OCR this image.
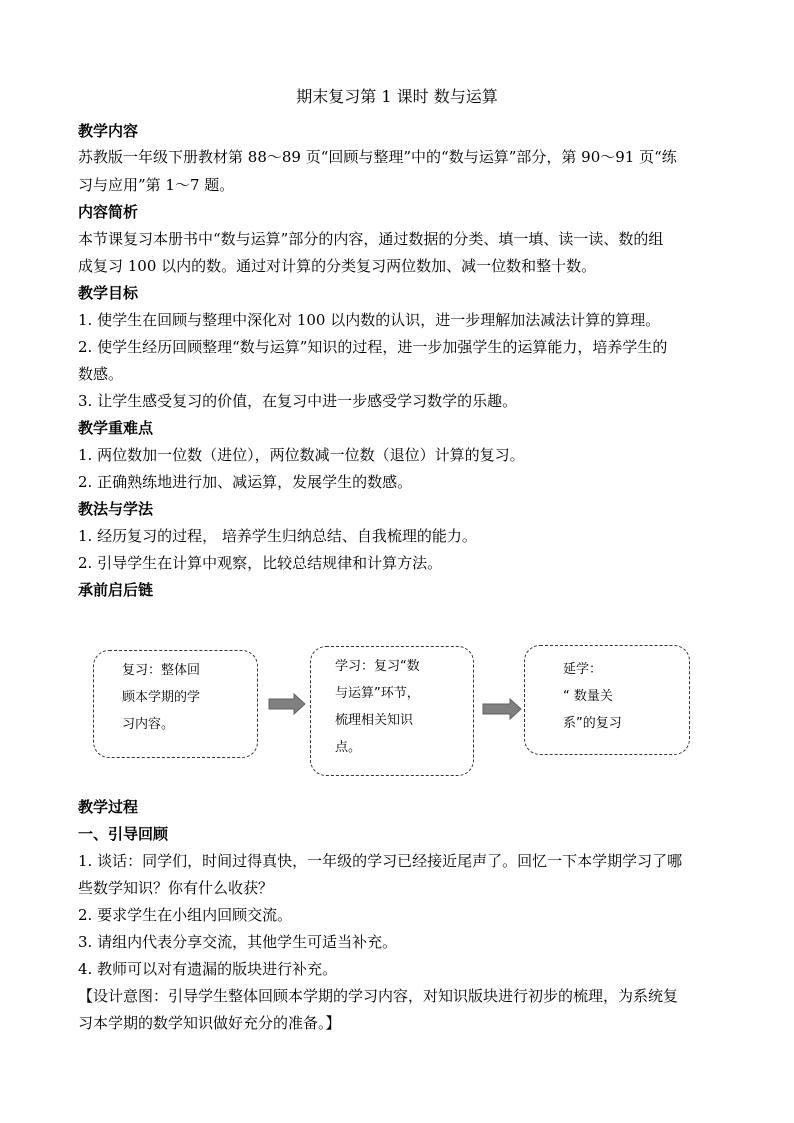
期末复习第 1 课时 数与运算
教学内容
苏教版一年级下册教材第 88～89 页“回顾与整理”中的“数与运算”部分，第 90～91 页“练
习与应用”第 1～7 题。
内容简析
本节课复习本册书中“数与运算”部分的内容，通过数据的分类、填一填、读一读、数的组
成复习 100 以内的数。通过对计算的分类复习两位数加、减一位数和整十数。
教学目标
1. 使学生在回顾与整理中深化对 100 以内数的认识，进一步理解加法减法计算的算理。
2. 使学生经历回顾整理“数与运算”知识的过程，进一步加强学生的运算能力，培养学生的
数感。
3. 让学生感受复习的价值，在复习中进一步感受学习数学的乐趣。
教学重难点
1. 两位数加一位数（进位），两位数减一位数（退位）计算的复习。
2. 正确熟练地进行加、减运算，发展学生的数感。
教法与学法
1. 经历复习的过程， 培养学生归纳总结、自我梳理的能力。
2. 引导学生在计算中观察，比较总结规律和计算方法。
承前启后链
复习：整体回
顾本学期的学
习内容。
学习：复习“数
与运算”环节，
梳理相关知识
点。
延学：
“ 数量关
系”的复习
教学过程
一、引导回顾
1. 谈话：同学们，时间过得真快，一年级的学习已经接近尾声了。回忆一下本学期学习了哪
些数学知识？你有什么收获？
2. 要求学生在小组内回顾交流。
3. 请组内代表分享交流，其他学生可适当补充。
4. 教师可以对有遗漏的版块进行补充。
【设计意图：引导学生整体回顾本学期的学习内容，对知识版块进行初步的梳理，为系统复
习本学期的数学知识做好充分的准备。】
